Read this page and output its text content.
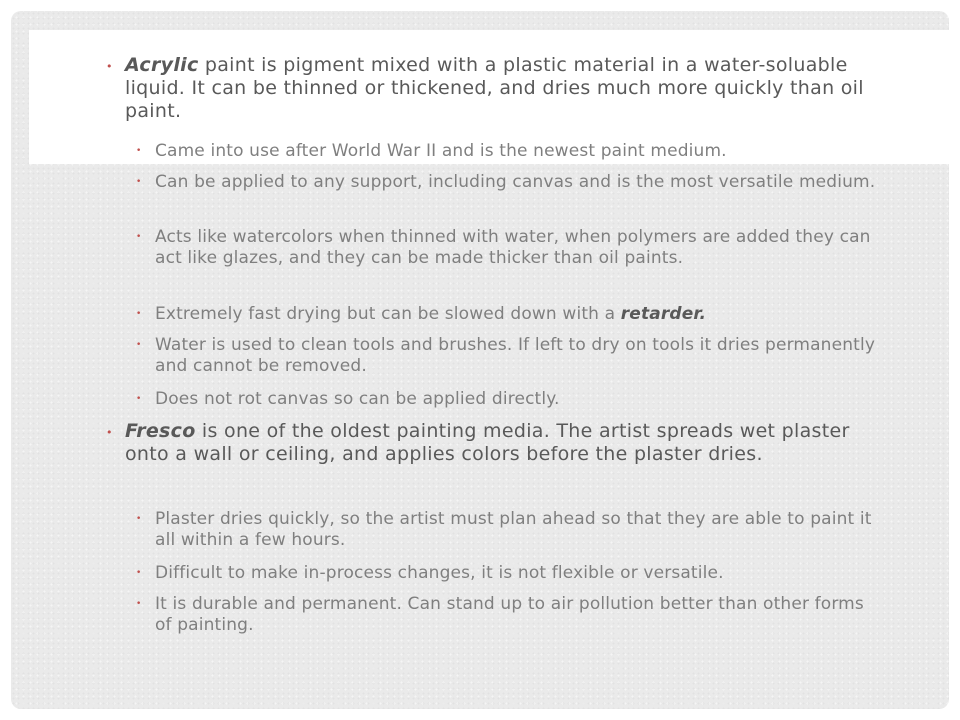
• Acrylic paint is pigment mixed with a plastic material in a water-soluable liquid. It can be thinned or thickened, and dries much more quickly than oil paint.
• Came into use after World War II and is the newest paint medium.
• Can be applied to any support, including canvas and is the most versatile medium.
• Acts like watercolors when thinned with water, when polymers are added they can act like glazes, and they can be made thicker than oil paints.
• Extremely fast drying but can be slowed down with a retarder.
• Water is used to clean tools and brushes. If left to dry on tools it dries permanently and cannot be removed.
• Does not rot canvas so can be applied directly.
• Fresco is one of the oldest painting media. The artist spreads wet plaster onto a wall or ceiling, and applies colors before the plaster dries.
• Plaster dries quickly, so the artist must plan ahead so that they are able to paint it all within a few hours.
• Difficult to make in-process changes, it is not flexible or versatile.
• It is durable and permanent. Can stand up to air pollution better than other forms of painting.
